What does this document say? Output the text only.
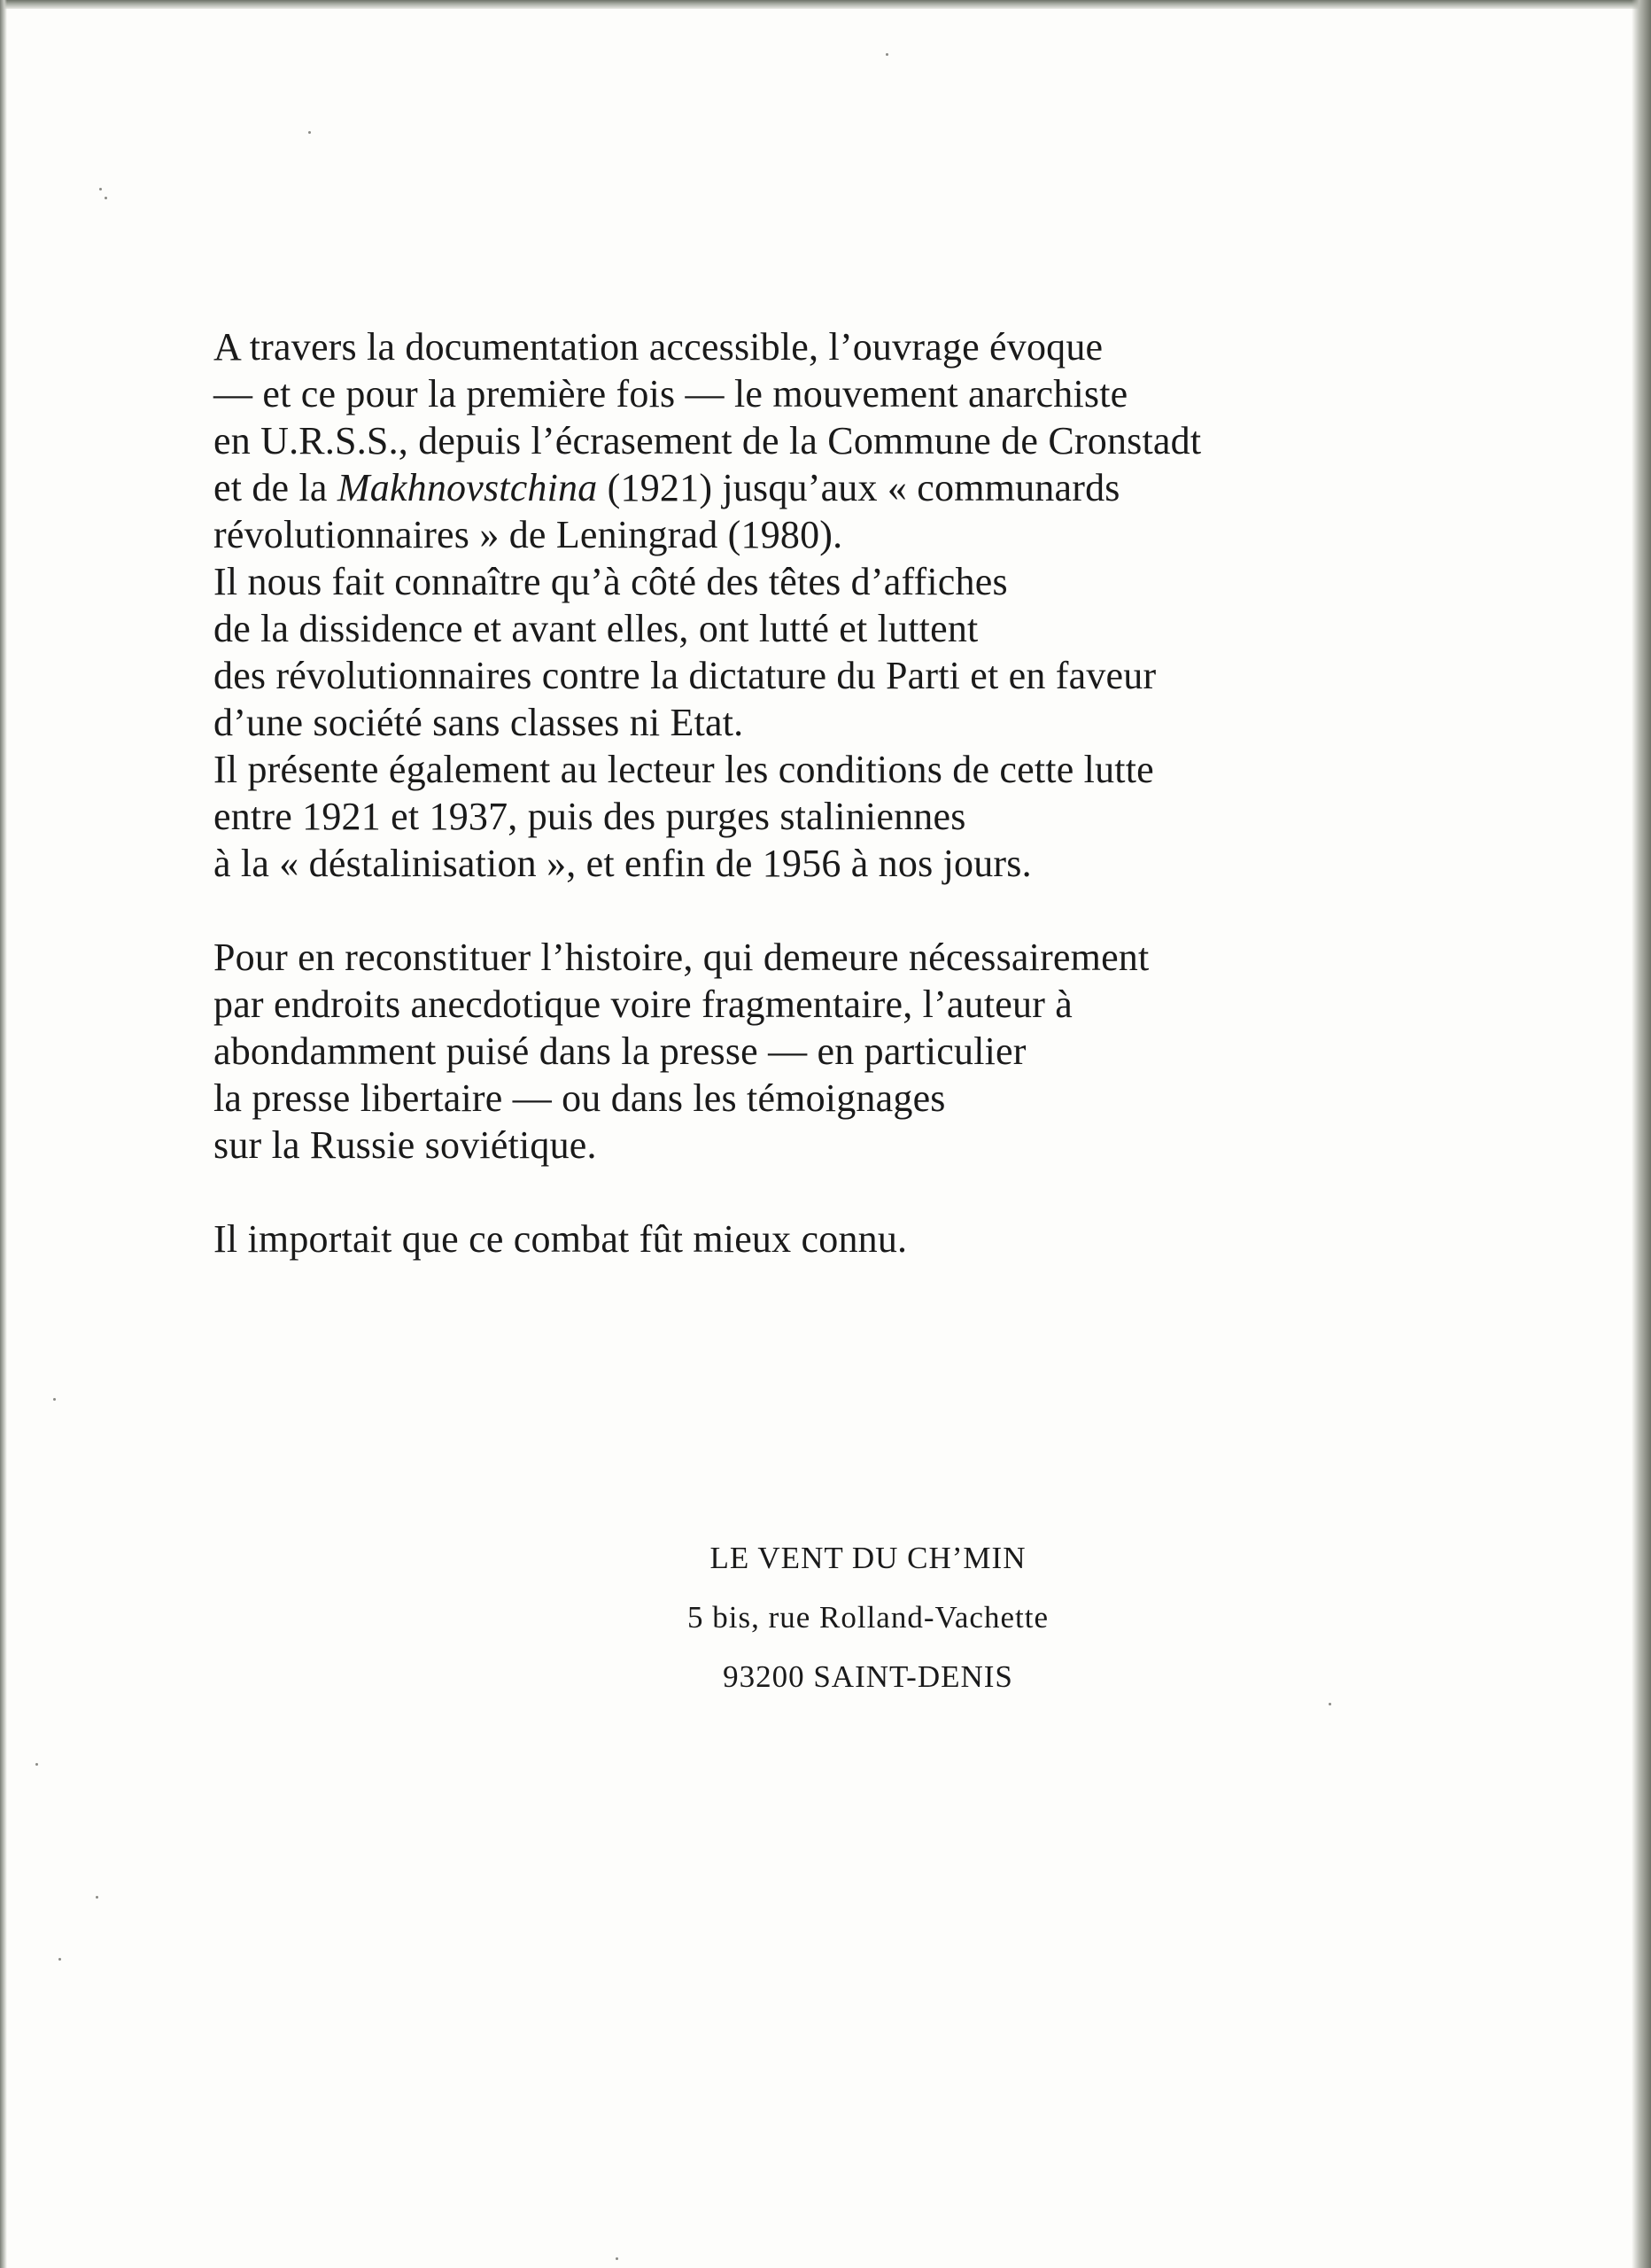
A travers la documentation accessible, l’ouvrage évoque
— et ce pour la première fois — le mouvement anarchiste
en U.R.S.S., depuis l’écrasement de la Commune de Cronstadt
et de la Makhnovstchina (1921) jusqu’aux « communards
révolutionnaires » de Leningrad (1980).
Il nous fait connaître qu’à côté des têtes d’affiches
de la dissidence et avant elles, ont lutté et luttent
des révolutionnaires contre la dictature du Parti et en faveur
d’une société sans classes ni Etat.
Il présente également au lecteur les conditions de cette lutte
entre 1921 et 1937, puis des purges staliniennes
à la « déstalinisation », et enfin de 1956 à nos jours.
Pour en reconstituer l’histoire, qui demeure nécessairement
par endroits anecdotique voire fragmentaire, l’auteur à
abondamment puisé dans la presse — en particulier
la presse libertaire — ou dans les témoignages
sur la Russie soviétique.
Il importait que ce combat fût mieux connu.
LE VENT DU CH’MIN
5 bis, rue Rolland-Vachette
93200 SAINT-DENIS
